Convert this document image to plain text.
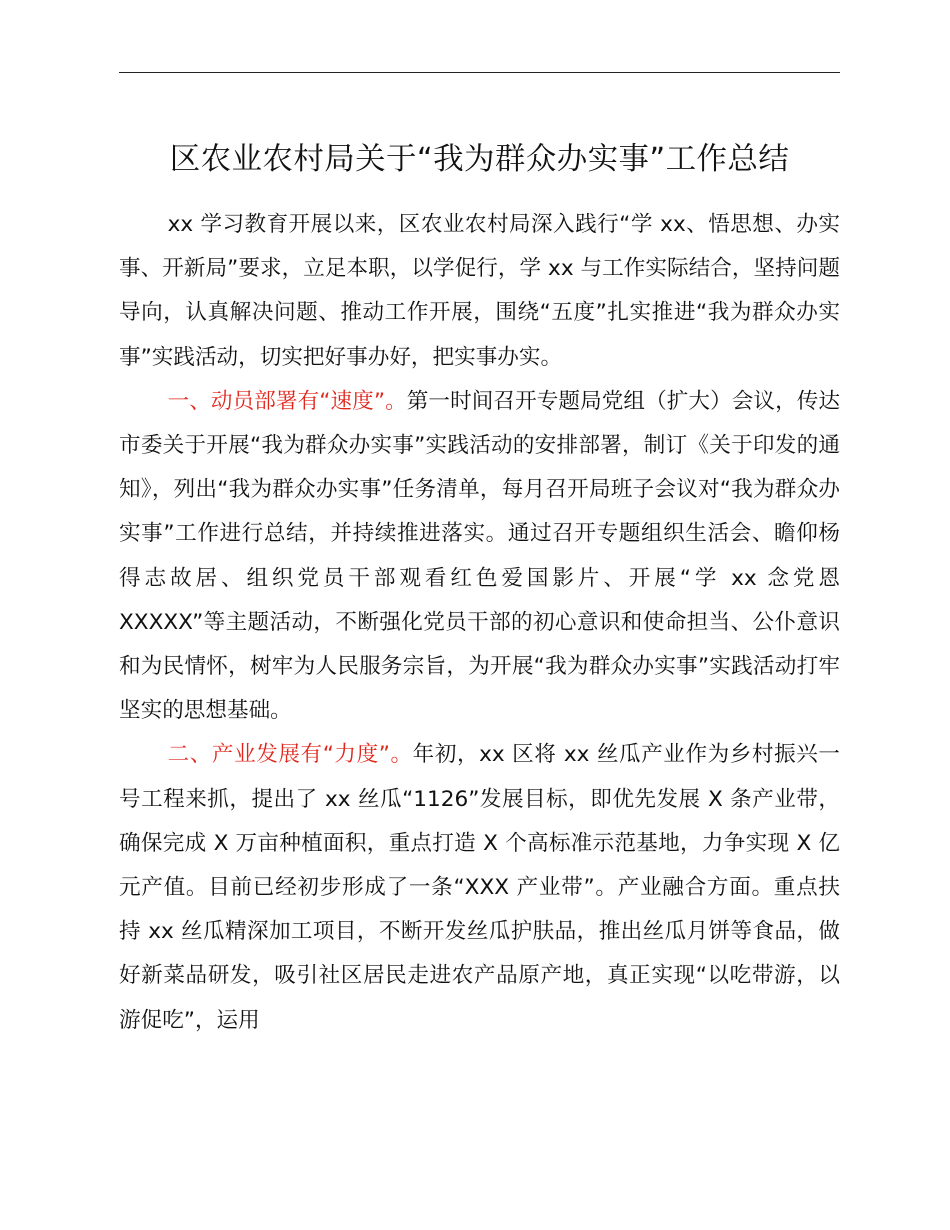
区农业农村局关于“我为群众办实事”工作总结

xx 学习教育开展以来，区农业农村局深入践行“学 xx、悟思想、办实事、开新局”要求，立足本职，以学促行，学 xx 与工作实际结合，坚持问题导向，认真解决问题、推动工作开展，围绕“五度”扎实推进“我为群众办实事”实践活动，切实把好事办好，把实事办实。

一、动员部署有“速度”。第一时间召开专题局党组（扩大）会议，传达市委关于开展“我为群众办实事”实践活动的安排部署，制订《关于印发的通知》，列出“我为群众办实事”任务清单，每月召开局班子会议对“我为群众办实事”工作进行总结，并持续推进落实。通过召开专题组织生活会、瞻仰杨得志故居、组织党员干部观看红色爱国影片、开展“学 xx 念党恩 XXXXX”等主题活动，不断强化党员干部的初心意识和使命担当、公仆意识和为民情怀，树牢为人民服务宗旨，为开展“我为群众办实事”实践活动打牢坚实的思想基础。

二、产业发展有“力度”。年初，xx 区将 xx 丝瓜产业作为乡村振兴一号工程来抓，提出了 xx 丝瓜“1126”发展目标，即优先发展 X 条产业带，确保完成 X 万亩种植面积，重点打造 X 个高标准示范基地，力争实现 X 亿元产值。目前已经初步形成了一条“XXX 产业带”。产业融合方面。重点扶持 xx 丝瓜精深加工项目，不断开发丝瓜护肤品，推出丝瓜月饼等食品，做好新菜品研发，吸引社区居民走进农产品原产地，真正实现“以吃带游，以游促吃”，运用
